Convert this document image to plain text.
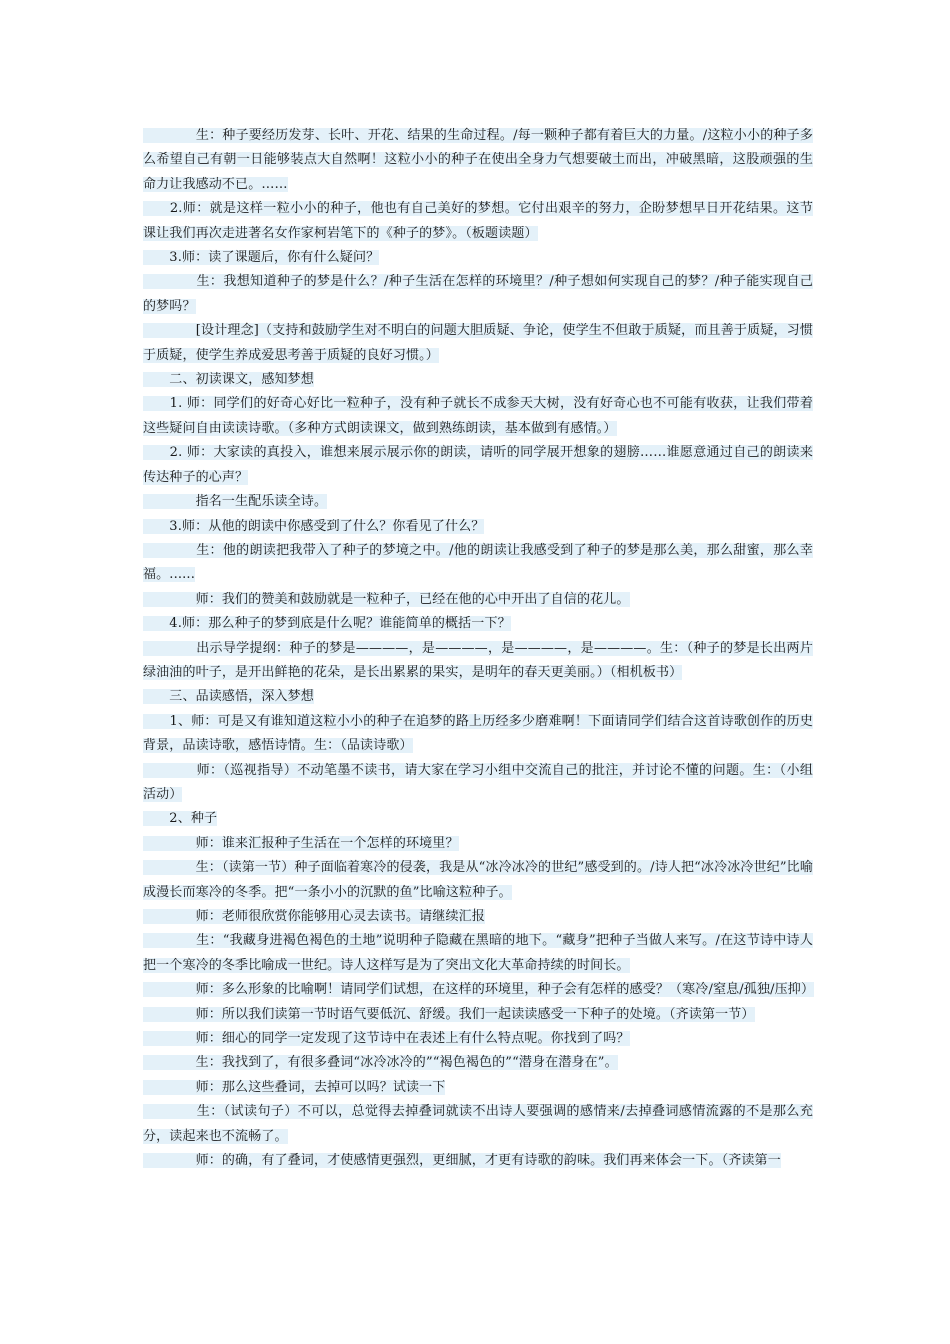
　　　　生：种子要经历发芽、长叶、开花、结果的生命过程。/每一颗种子都有着巨大的力量。/这粒小小的种子多么希望自己有朝一日能够装点大自然啊！这粒小小的种子在使出全身力气想要破土而出，冲破黑暗，这股顽强的生命力让我感动不已。……

　　2.师：就是这样一粒小小的种子，他也有自己美好的梦想。它付出艰辛的努力，企盼梦想早日开花结果。这节课让我们再次走进著名女作家柯岩笔下的《种子的梦》。（板题读题）

　　3.师：读了课题后，你有什么疑问？

　　　　生：我想知道种子的梦是什么？/种子生活在怎样的环境里？/种子想如何实现自己的梦？/种子能实现自己的梦吗？

　　　　[设计理念]（支持和鼓励学生对不明白的问题大胆质疑、争论，使学生不但敢于质疑，而且善于质疑，习惯于质疑，使学生养成爱思考善于质疑的良好习惯。）

　　二、初读课文，感知梦想

　　1. 师：同学们的好奇心好比一粒种子，没有种子就长不成参天大树，没有好奇心也不可能有收获，让我们带着这些疑问自由读读诗歌。（多种方式朗读课文，做到熟练朗读，基本做到有感情。）

　　2. 师：大家读的真投入，谁想来展示展示你的朗读，请听的同学展开想象的翅膀……谁愿意通过自己的朗读来传达种子的心声？

　　　　指名一生配乐读全诗。

　　3.师：从他的朗读中你感受到了什么？你看见了什么？

　　　　生：他的朗读把我带入了种子的梦境之中。/他的朗读让我感受到了种子的梦是那么美，那么甜蜜，那么幸福。......

　　　　师：我们的赞美和鼓励就是一粒种子，已经在他的心中开出了自信的花儿。

　　4.师：那么种子的梦到底是什么呢？谁能简单的概括一下？

　　　　出示导学提纲：种子的梦是————，是————，是————，是————。生：（种子的梦是长出两片绿油油的叶子，是开出鲜艳的花朵，是长出累累的果实，是明年的春天更美丽。）（相机板书）

　　三、品读感悟，深入梦想

　　1、师：可是又有谁知道这粒小小的种子在追梦的路上历经多少磨难啊！下面请同学们结合这首诗歌创作的历史背景，品读诗歌，感悟诗情。生：（品读诗歌）

　　　　师：（巡视指导）不动笔墨不读书，请大家在学习小组中交流自己的批注，并讨论不懂的问题。生：（小组活动）

　　2、种子

　　　　师：谁来汇报种子生活在一个怎样的环境里？

　　　　生：（读第一节）种子面临着寒冷的侵袭，我是从“冰冷冰冷的世纪”感受到的。/诗人把“冰冷冰冷世纪”比喻成漫长而寒冷的冬季。把“一条小小的沉默的鱼”比喻这粒种子。

　　　　师：老师很欣赏你能够用心灵去读书。请继续汇报

　　　　生：“我藏身进褐色褐色的土地”说明种子隐藏在黑暗的地下。“藏身”把种子当做人来写。/在这节诗中诗人把一个寒冷的冬季比喻成一世纪。诗人这样写是为了突出文化大革命持续的时间长。

　　　　师：多么形象的比喻啊！请同学们试想，在这样的环境里，种子会有怎样的感受？（寒冷/窒息/孤独/压抑）

　　　　师：所以我们读第一节时语气要低沉、舒缓。我们一起读读感受一下种子的处境。（齐读第一节）

　　　　师：细心的同学一定发现了这节诗中在表述上有什么特点呢。你找到了吗？

　　　　生：我找到了，有很多叠词“冰冷冰冷的”“褐色褐色的”“潜身在潜身在”。

　　　　师：那么这些叠词，去掉可以吗？试读一下

　　　　生：（试读句子）不可以，总觉得去掉叠词就读不出诗人要强调的感情来/去掉叠词感情流露的不是那么充分，读起来也不流畅了。

　　　　师：的确，有了叠词，才使感情更强烈，更细腻，才更有诗歌的韵味。我们再来体会一下。（齐读第一
